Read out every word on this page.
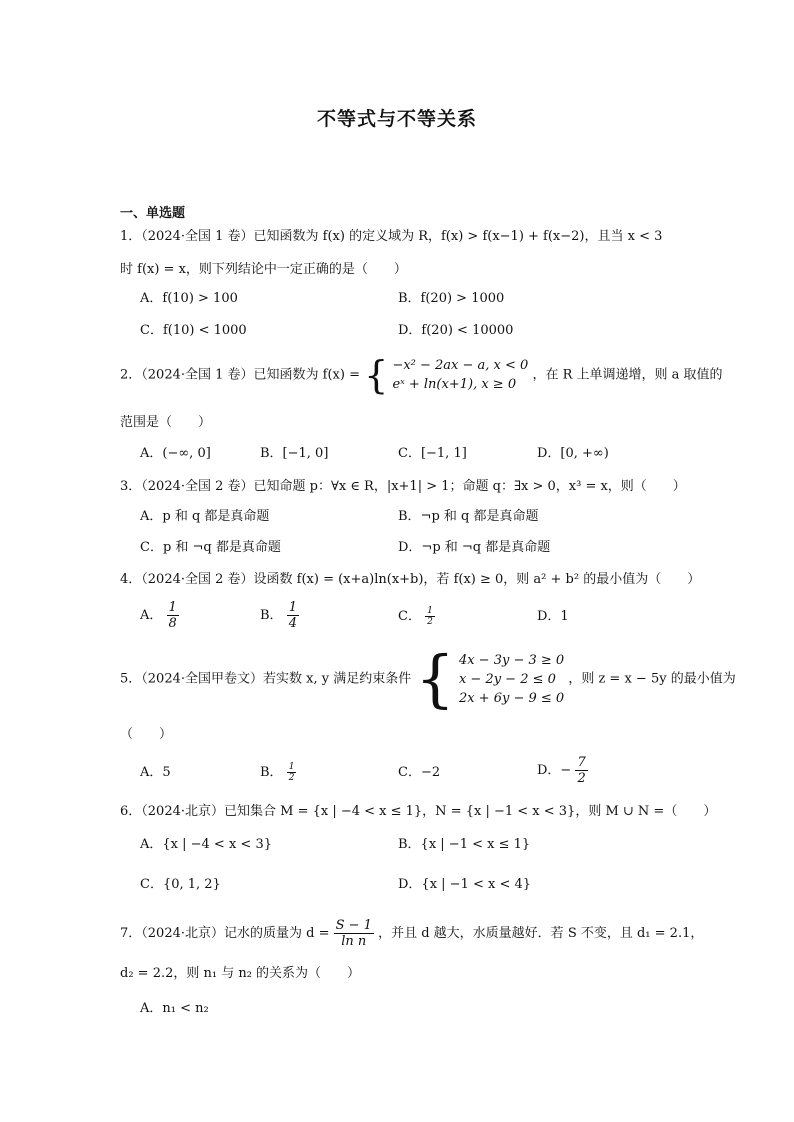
不等式与不等关系
一、单选题
1．（2024·全国 1 卷）已知函数为 f(x) 的定义域为 R，f(x) > f(x−1) + f(x−2)，且当 x < 3
时 f(x) = x，则下列结论中一定正确的是（　　）
A．f(10) > 100	B．f(20) > 1000
C．f(10) < 1000	D．f(20) < 10000
2．（2024·全国 1 卷）已知函数为 f(x) = { −x² − 2ax − a, x < 0
eˣ + ln(x+1), x ≥ 0
，在 R 上单调递增，则 a 取值的
范围是（　　）
A．(−∞, 0]	B．[−1, 0]	C．[−1, 1]	D．[0, +∞)
3．（2024·全国 2 卷）已知命题 p：∀x ∈ R，|x+1| > 1；命题 q：∃x > 0，x³ = x，则（　　）
A．p 和 q 都是真命题	B．¬p 和 q 都是真命题
C．p 和 ¬q 都是真命题	D．¬p 和 ¬q 都是真命题
4．（2024·全国 2 卷）设函数 f(x) = (x+a)ln(x+b)，若 f(x) ≥ 0，则 a² + b² 的最小值为（　　）
A． $\frac{1}{8}$	B． $\frac{1}{4}$	C． $\frac{1}{2}$	D．1
5．（2024·全国甲卷文）若实数 x, y 满足约束条件 { 4x − 3y − 3 ≥ 0
x − 2y − 2 ≤ 0
2x + 6y − 9 ≤ 0
，则 z = x − 5y 的最小值为
（　　）
A．5	B． $\frac{1}{2}$	C．−2	D．− $\frac{7}{2}$
6．（2024·北京）已知集合 M = {x | −4 < x ≤ 1}，N = {x | −1 < x < 3}，则 M ∪ N =（　　）
A．{x | −4 < x < 3}	B．{x | −1 < x ≤ 1}
C．{0, 1, 2}	D．{x | −1 < x < 4}
7．（2024·北京）记水的质量为 $d = \frac{S - 1}{\text{ln n}}$ ，并且 d 越大，水质量越好．若 S 不变，且 d₁ = 2.1，
d₂ = 2.2，则 n₁ 与 n₂ 的关系为（　　）
A．n₁ < n₂
